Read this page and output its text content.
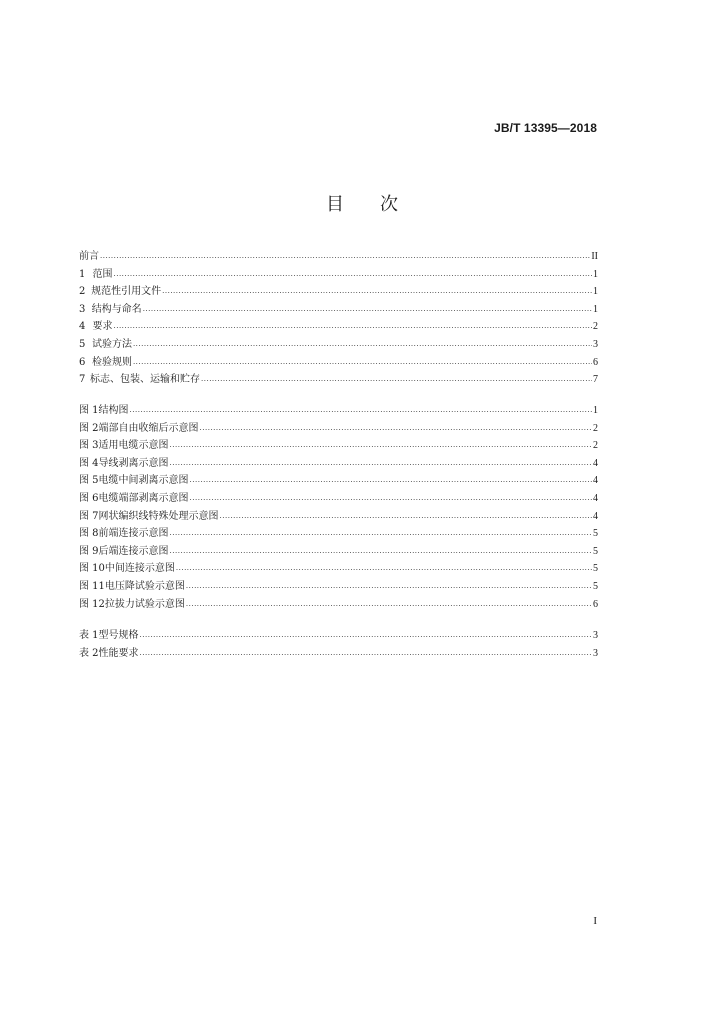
JB/T 13395—2018
目 次
前言 .....	II
1 范围 .....	1
2 规范性引用文件 .....	1
3 结构与命名 .....	1
4 要求 .....	2
5 试验方法 .....	3
6 检验规则 .....	6
7 标志、包装、运输和贮存 .....	7
图 1 结构图 .....	1
图 2 端部自由收缩后示意图 .....	2
图 3 适用电缆示意图 .....	2
图 4 导线剥离示意图 .....	4
图 5 电缆中间剥离示意图 .....	4
图 6 电缆端部剥离示意图 .....	4
图 7 网状编织线特殊处理示意图 .....	4
图 8 前端连接示意图 .....	5
图 9 后端连接示意图 .....	5
图 10 中间连接示意图 .....	5
图 11 电压降试验示意图 .....	5
图 12 拉拔力试验示意图 .....	6
表 1 型号规格 .....	3
表 2 性能要求 .....	3
I
